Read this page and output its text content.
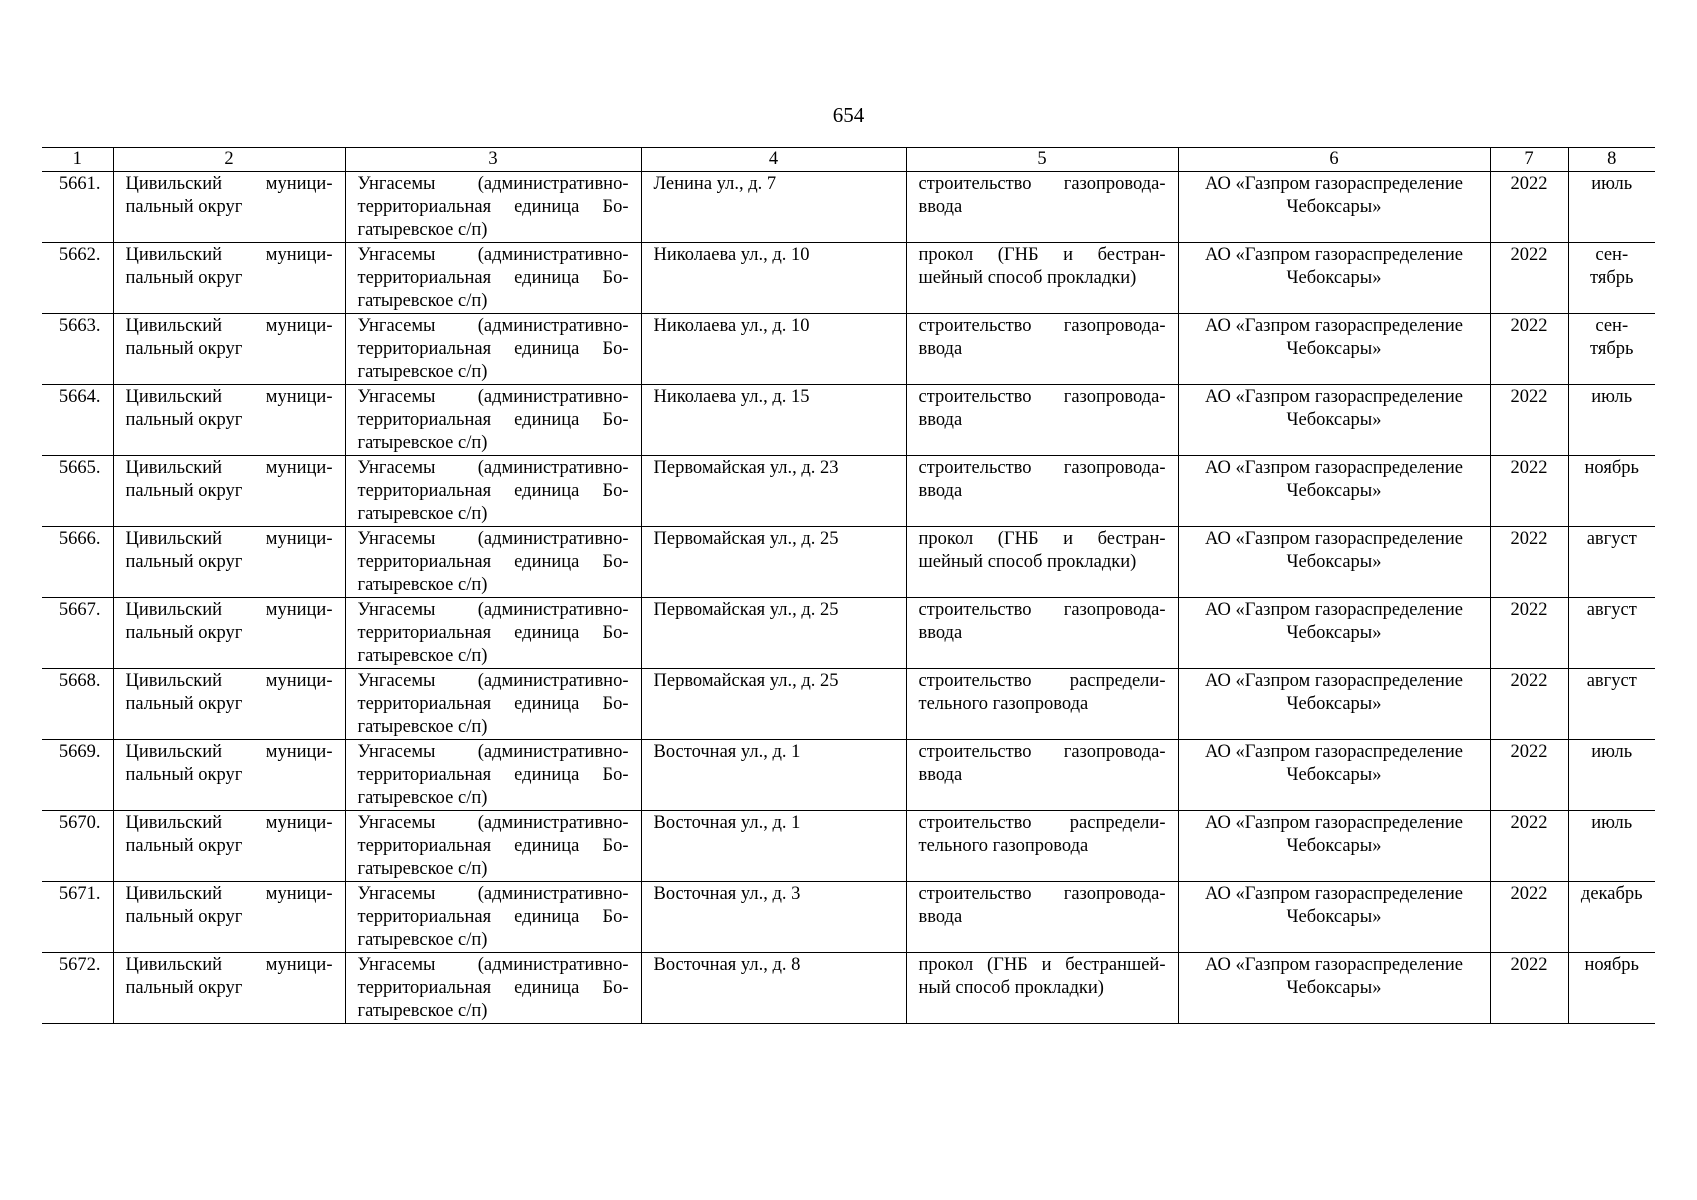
654
1	2	3	4	5	6	7	8
5661.	Цивильский муници-пальный округ	Унгасемы (административно-территориальная единица Бо-гатыревское с/п)	Ленина ул., д. 7	строительство газопровода-ввода	АО «Газпром газораспределение Чебоксары»	2022	июль
5662.	Цивильский муници-пальный округ	Унгасемы (административно-территориальная единица Бо-гатыревское с/п)	Николаева ул., д. 10	прокол (ГНБ и бестран-шейный способ прокладки)	АО «Газпром газораспределение Чебоксары»	2022	сен-тябрь
5663.	Цивильский муници-пальный округ	Унгасемы (административно-территориальная единица Бо-гатыревское с/п)	Николаева ул., д. 10	строительство газопровода-ввода	АО «Газпром газораспределение Чебоксары»	2022	сен-тябрь
5664.	Цивильский муници-пальный округ	Унгасемы (административно-территориальная единица Бо-гатыревское с/п)	Николаева ул., д. 15	строительство газопровода-ввода	АО «Газпром газораспределение Чебоксары»	2022	июль
5665.	Цивильский муници-пальный округ	Унгасемы (административно-территориальная единица Бо-гатыревское с/п)	Первомайская ул., д. 23	строительство газопровода-ввода	АО «Газпром газораспределение Чебоксары»	2022	ноябрь
5666.	Цивильский муници-пальный округ	Унгасемы (административно-территориальная единица Бо-гатыревское с/п)	Первомайская ул., д. 25	прокол (ГНБ и бестран-шейный способ прокладки)	АО «Газпром газораспределение Чебоксары»	2022	август
5667.	Цивильский муници-пальный округ	Унгасемы (административно-территориальная единица Бо-гатыревское с/п)	Первомайская ул., д. 25	строительство газопровода-ввода	АО «Газпром газораспределение Чебоксары»	2022	август
5668.	Цивильский муници-пальный округ	Унгасемы (административно-территориальная единица Бо-гатыревское с/п)	Первомайская ул., д. 25	строительство распредели-тельного газопровода	АО «Газпром газораспределение Чебоксары»	2022	август
5669.	Цивильский муници-пальный округ	Унгасемы (административно-территориальная единица Бо-гатыревское с/п)	Восточная ул., д. 1	строительство газопровода-ввода	АО «Газпром газораспределение Чебоксары»	2022	июль
5670.	Цивильский муници-пальный округ	Унгасемы (административно-территориальная единица Бо-гатыревское с/п)	Восточная ул., д. 1	строительство распредели-тельного газопровода	АО «Газпром газораспределение Чебоксары»	2022	июль
5671.	Цивильский муници-пальный округ	Унгасемы (административно-территориальная единица Бо-гатыревское с/п)	Восточная ул., д. 3	строительство газопровода-ввода	АО «Газпром газораспределение Чебоксары»	2022	декабрь
5672.	Цивильский муници-пальный округ	Унгасемы (административно-территориальная единица Бо-гатыревское с/п)	Восточная ул., д. 8	прокол (ГНБ и бестраншей-ный способ прокладки)	АО «Газпром газораспределение Чебоксары»	2022	ноябрь
